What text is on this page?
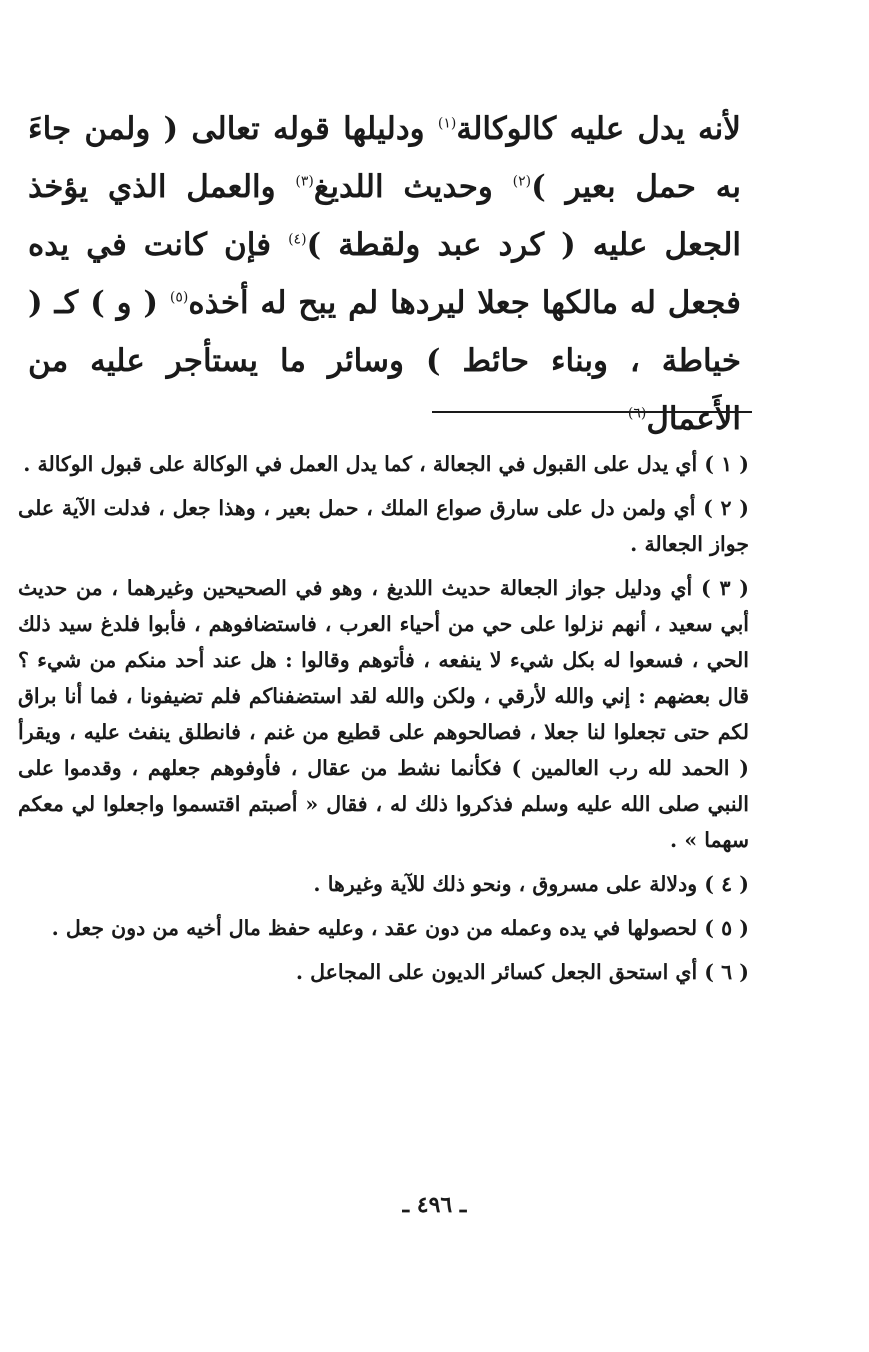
لأنه يدل عليه كالوكالة$^{(١)}$ ودليلها قوله تعالى ( ولمن جاءَ به حمل بعير )$^{(٢)}$ وحديث اللديغ$^{(٣)}$ والعمل الذي يؤخذ الجعل عليه ( كرد عبد ولقطة )$^{(٤)}$ فإن كانت في يده فجعل له مالكها جعلا ليردها لم يبح له أخذه$^{(٥)}$ ( و ) كـ ( خياطة ، وبناء حائط ) وسائر ما يستأجر عليه من الأَعمال$^{(٦)}$

( ١ ) أي يدل على القبول في الجعالة ، كما يدل العمل في الوكالة على قبول الوكالة .

( ٢ ) أي ولمن دل على سارق صواع الملك ، حمل بعير ، وهذا جعل ، فدلت الآية على جواز الجعالة .

( ٣ ) أي ودليل جواز الجعالة حديث اللديغ ، وهو في الصحيحين وغيرهما ، من حديث أبي سعيد ، أنهم نزلوا على حي من أحياء العرب ، فاستضافوهم ، فأبوا فلدغ سيد ذلك الحي ، فسعوا له بكل شيء لا ينفعه ، فأتوهم وقالوا : هل عند أحد منكم من شيء ؟ قال بعضهم : إني والله لأرقي ، ولكن والله لقد استضفناكم فلم تضيفونا ، فما أنا براق لكم حتى تجعلوا لنا جعلا ، فصالحوهم على قطيع من غنم ، فانطلق ينفث عليه ، ويقرأ ( الحمد لله رب العالمين ) فكأنما نشط من عقال ، فأوفوهم جعلهم ، وقدموا على النبي صلى الله عليه وسلم فذكروا ذلك له ، فقال « أصبتم اقتسموا واجعلوا لي معكم سهما » .

( ٤ ) ودلالة على مسروق ، ونحو ذلك للآية وغيرها .

( ٥ ) لحصولها في يده وعمله من دون عقد ، وعليه حفظ مال أخيه من دون جعل .

( ٦ ) أي استحق الجعل كسائر الديون على المجاعل .

ـ ٤٩٦ ـ
